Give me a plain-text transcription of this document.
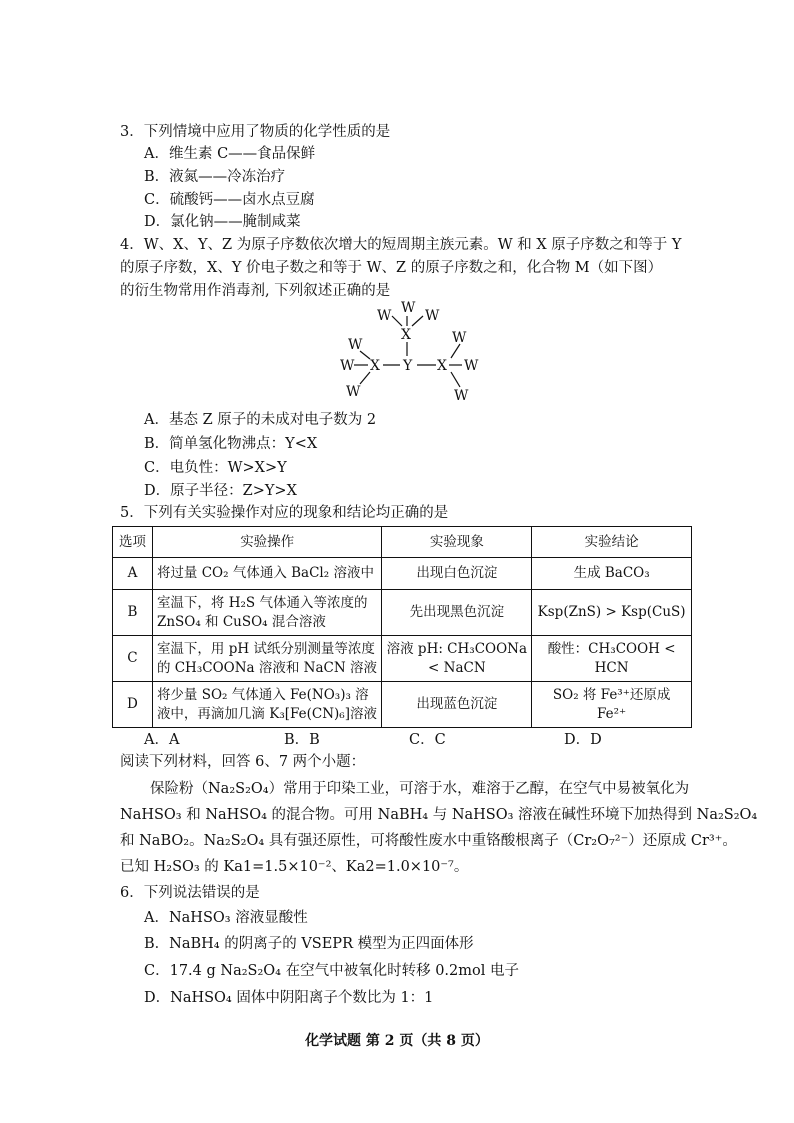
3．下列情境中应用了物质的化学性质的是
A．维生素 C——食品保鲜
B．液氮——冷冻治疗
C．硫酸钙——卤水点豆腐
D．氯化钠——腌制咸菜
4．W、X、Y、Z 为原子序数依次增大的短周期主族元素。W 和 X 原子序数之和等于 Y
的原子序数，X、Y 价电子数之和等于 W、Z 的原子序数之和，化合物 M（如下图）
的衍生物常用作消毒剂, 下列叙述正确的是
W
W W
X
W
W X Y X
W
W
W
W
A．基态 Z 原子的未成对电子数为 2
B．简单氢化物沸点：Y<X
C．电负性：W>X>Y
D．原子半径：Z>Y>X
5．下列有关实验操作对应的现象和结论均正确的是
选项	实验操作	实验现象	实验结论
A	将过量 CO₂ 气体通入 BaCl₂ 溶液中	出现白色沉淀	生成 BaCO₃
B	室温下，将 H₂S 气体通入等浓度的 ZnSO₄ 和 CuSO₄ 混合溶液	先出现黑色沉淀	Ksp(ZnS) > Ksp(CuS)
C	室温下，用 pH 试纸分别测量等浓度的 CH₃COONa 溶液和 NaCN 溶液	溶液 pH: CH₃COONa < NaCN	酸性：CH₃COOH < HCN
D	将少量 SO₂ 气体通入 Fe(NO₃)₃ 溶液中，再滴加几滴 K₃[Fe(CN)₆]溶液	出现蓝色沉淀	SO₂ 将 Fe³⁺还原成 Fe²⁺
A．A	B．B	C．C	D．D
阅读下列材料，回答 6、7 两个小题：
保险粉（Na₂S₂O₄）常用于印染工业，可溶于水，难溶于乙醇，在空气中易被氧化为
NaHSO₃ 和 NaHSO₄ 的混合物。可用 NaBH₄ 与 NaHSO₃ 溶液在碱性环境下加热得到 Na₂S₂O₄
和 NaBO₂。Na₂S₂O₄ 具有强还原性，可将酸性废水中重铬酸根离子（Cr₂O₇²⁻）还原成 Cr³⁺。
已知 H₂SO₃ 的 Ka1=1.5×10⁻²、Ka2=1.0×10⁻⁷。
6．下列说法错误的是
A．NaHSO₃ 溶液显酸性
B．NaBH₄ 的阴离子的 VSEPR 模型为正四面体形
C．17.4 g Na₂S₂O₄ 在空气中被氧化时转移 0.2mol 电子
D．NaHSO₄ 固体中阴阳离子个数比为 1：1
化学试题 第 2 页（共 8 页）
